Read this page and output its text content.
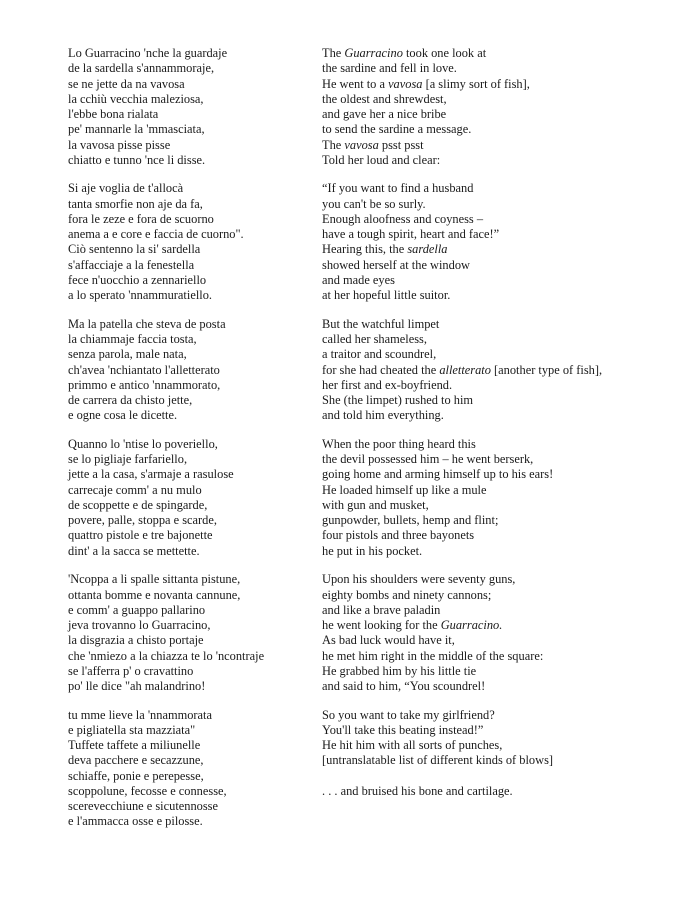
Lo Guarracino 'nche la guardaje
de la sardella s'annammoraje,
se ne jette da na vavosa
la cchiù vecchia maleziosa,
l'ebbe bona rialata
pe' mannarle la 'mmasciata,
la vavosa pisse pisse
chiatto e tunno 'nce li disse.
Si aje voglia de t'allocà
tanta smorfie non aje da fa,
fora le zeze e fora de scuorno
anema a e core e faccia de cuorno".
Ciò sentenno la si' sardella
s'affacciaje a la fenestella
fece n'uocchio a zennariello
a lo sperato 'nnammuratiello.
Ma la patella che steva de posta
la chiammaje faccia tosta,
senza parola, male nata,
ch'avea 'nchiantato l'alletterato
primmo e antico 'nnammorato,
de carrera da chisto jette,
e ogne cosa le dicette.
Quanno lo 'ntise lo poveriello,
se lo pigliaje farfariello,
jette a la casa, s'armaje a rasulose
carrecaje comm' a nu mulo
de scoppette e de spingarde,
povere, palle, stoppa e scarde,
quattro pistole e tre bajonette
dint' a la sacca se mettette.
'Ncoppa a li spalle sittanta pistune,
ottanta bomme e novanta cannune,
e comm' a guappo pallarino
jeva trovanno lo Guarracino,
la disgrazia a chisto portaje
che 'nmiezo a la chiazza te lo 'ncontraje
se l'afferra p' o cravattino
po' lle dice "ah malandrino!
tu mme lieve la 'nnammorata
e pigliatella sta mazziata"
Tuffete taffete a miliunelle
deva pacchere e secazzune,
schiaffe, ponie e perepesse,
scoppolune, fecosse e connesse,
scerevecchiune e sicutennosse
e l'ammacca osse e pilosse.
The Guarracino took one look at
the sardine and fell in love.
He went to a vavosa [a slimy sort of fish],
the oldest and shrewdest,
and gave her a nice bribe
to send the sardine a message.
The vavosa psst psst
Told her loud and clear:
“If you want to find a husband
you can't be so surly.
Enough aloofness and coyness –
have a tough spirit, heart and face!”
Hearing this, the sardella
showed herself at the window
and made eyes
at her hopeful little suitor.
But the watchful limpet
called her shameless,
a traitor and scoundrel,
for she had cheated the alletterato [another type of fish],
her first and ex-boyfriend.
She (the limpet) rushed to him
and told him everything.
When the poor thing heard this
the devil possessed him – he went berserk,
going home and arming himself up to his ears!
He loaded himself up like a mule
with gun and musket,
gunpowder, bullets, hemp and flint;
four pistols and three bayonets
he put in his pocket.
Upon his shoulders were seventy guns,
eighty bombs and ninety cannons;
and like a brave paladin
he went looking for the Guarracino.
As bad luck would have it,
he met him right in the middle of the square:
He grabbed him by his little tie
and said to him, “You scoundrel!
So you want to take my girlfriend?
You'll take this beating instead!”
He hit him with all sorts of punches,
[untranslatable list of different kinds of blows]
. . . and bruised his bone and cartilage.
